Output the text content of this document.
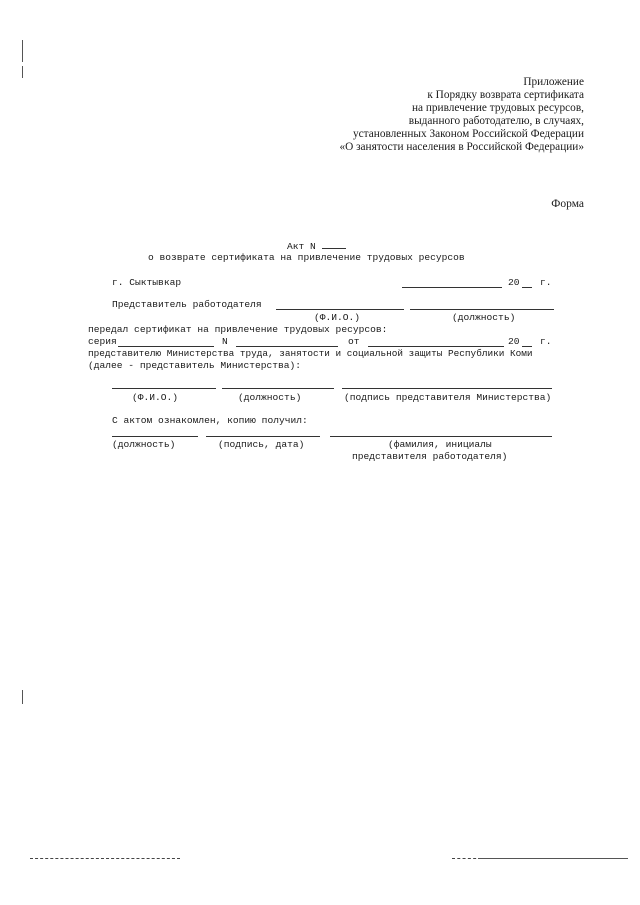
Приложение
к Порядку возврата сертификата
на привлечение трудовых ресурсов,
выданного работодателю, в случаях,
установленных Законом Российской Федерации
«О занятости населения в Российской Федерации»
Форма
Акт N
о возврате сертификата на привлечение трудовых ресурсов
г. Сыктывкар	20 г.
Представитель работодателя
(Ф.И.О.)	(должность)
передал сертификат на привлечение трудовых ресурсов:
серия	N	от	20 г.
представителю Министерства труда, занятости и социальной защиты Республики Коми
(далее - представитель Министерства):
(Ф.И.О.)	(должность)	(подпись представителя Министерства)
С актом ознакомлен, копию получил:
(должность)	(подпись, дата)	(фамилия, инициалы
представителя работодателя)
